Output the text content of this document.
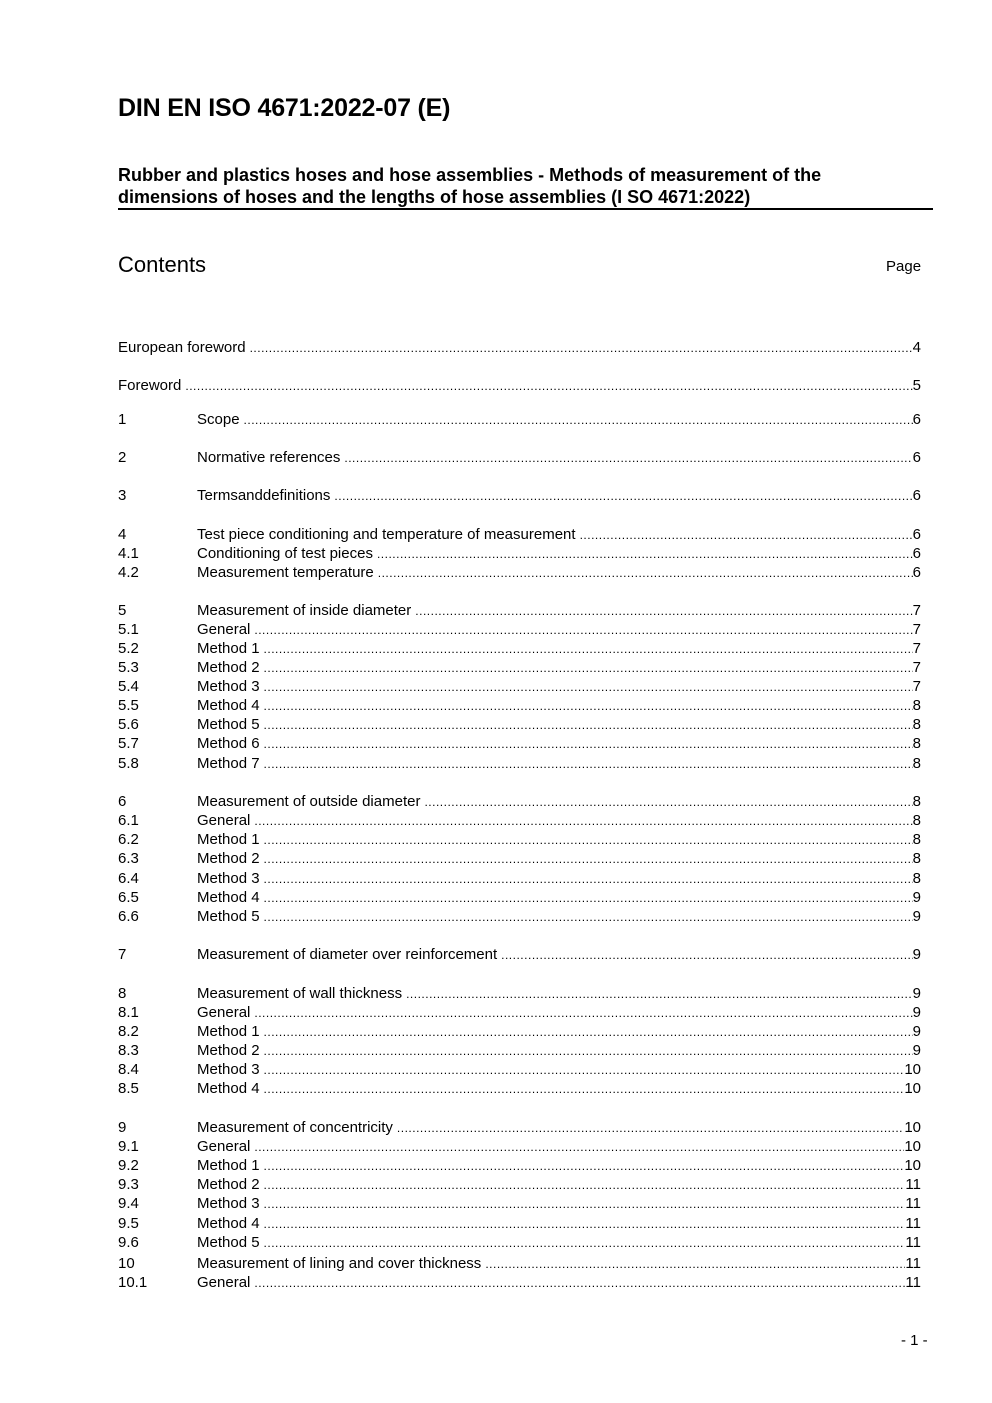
DIN EN ISO 4671:2022-07 (E)
Rubber and plastics hoses and hose assemblies - Methods of measurement of the
dimensions of hoses and the lengths of hose assemblies (I SO 4671:2022)
Contents	Page
European foreword .....	4
Foreword .....	5
1	Scope .....	6
2	Normative references .....	6
3	Termsanddefinitions .....	6
4	Test piece conditioning and temperature of measurement .....	6
4.1	Conditioning of test pieces .....	6
4.2	Measurement temperature .....	6
5	Measurement of inside diameter .....	7
5.1	General .....	7
5.2	Method 1 .....	7
5.3	Method 2 .....	7
5.4	Method 3 .....	7
5.5	Method 4 .....	8
5.6	Method 5 .....	8
5.7	Method 6 .....	8
5.8	Method 7 .....	8
6	Measurement of outside diameter .....	8
6.1	General .....	8
6.2	Method 1 .....	8
6.3	Method 2 .....	8
6.4	Method 3 .....	8
6.5	Method 4 .....	9
6.6	Method 5 .....	9
7	Measurement of diameter over reinforcement .....	9
8	Measurement of wall thickness .....	9
8.1	General .....	9
8.2	Method 1 .....	9
8.3	Method 2 .....	9
8.4	Method 3 .....	10
8.5	Method 4 .....	10
9	Measurement of concentricity .....	10
9.1	General .....	10
9.2	Method 1 .....	10
9.3	Method 2 .....	11
9.4	Method 3 .....	11
9.5	Method 4 .....	11
9.6	Method 5 .....	11
10	Measurement of lining and cover thickness .....	11
10.1	General .....	11
- 1 -
